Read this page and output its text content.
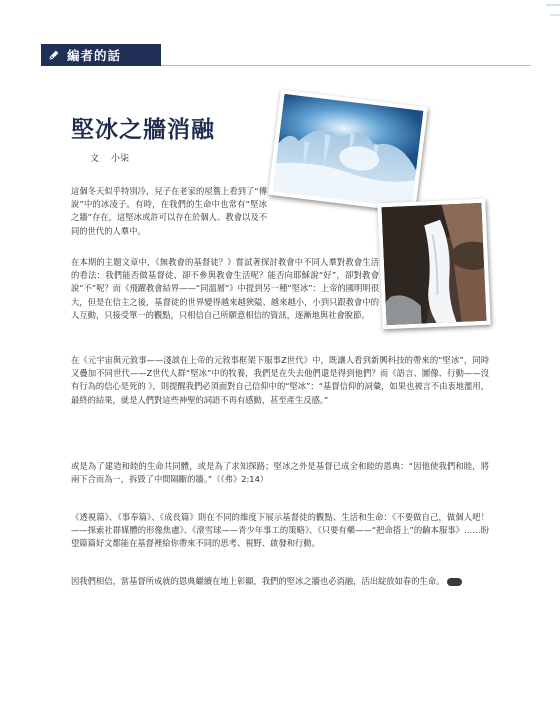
編者的話
堅冰之牆消融
文 小柒

這個冬天似乎特別冷，兒子在老家的屋簷上看到了“傳說”中的冰凌子。有時，在我們的生命中也常有“堅冰之牆”存在，這堅冰或許可以存在於個人、教會以及不同的世代的人羣中。

在本期的主題文章中，《無教會的基督徒？》嘗試著探討教會中不同人羣對教會生活的看法：我們能否做基督徒、卻不參與教會生活呢？能否向耶穌說“好”，卻對教會說“不”呢？而《飛躍教會結界——“同溫層”》中提到另一種“堅冰”：上帝的國明明很大，但是在信主之後，基督徒的世界變得越來越狹隘、越來越小，小到只跟教會中的人互動，只接受單一的觀點，只相信自己所願意相信的資訊，逐漸地與社會脫節。

在《元宇宙與元敘事——淺談在上帝的元敘事框架下服事Z世代》中，既讓人看到新興科技的帶來的“堅冰”，同時又疊加不同世代——Z世代人群“堅冰”中的牧養，我們是在失去他們還是得到他們？而《語言、圖像、行動——沒有行為的信心是死的 》，則提醒我們必須面對自己信仰中的“堅冰”：“基督信仰的詞彙，如果也被言不由衷地濫用，最終的結果，就是人們對這些神聖的詞語不再有感動，甚至產生反感。”

或是為了建造和睦的生命共同體，或是為了求知探路；堅冰之外是基督已成全和睦的恩典：“因他使我們和睦，將兩下合而為一，拆毀了中間隔斷的牆。”（《弗》2:14）

《透視篇》、《事奉篇》、《成長篇》則在不同的維度下展示基督徒的觀點、生活和生命：《不要做自己，做個人吧！——探索社群媒體的形像焦慮》、《滾雪球——青少年事工的策略》、《只要有藥——“把命搭上”的齣本服事》……盼望篇篇好文都能在基督裡給你帶來不同的思考、視野、啟發和行動。

因我們相信，當基督所成就的恩典繼續在地上彰顯，我們的堅冰之牆也必消融，活出綻放如春的生命。
